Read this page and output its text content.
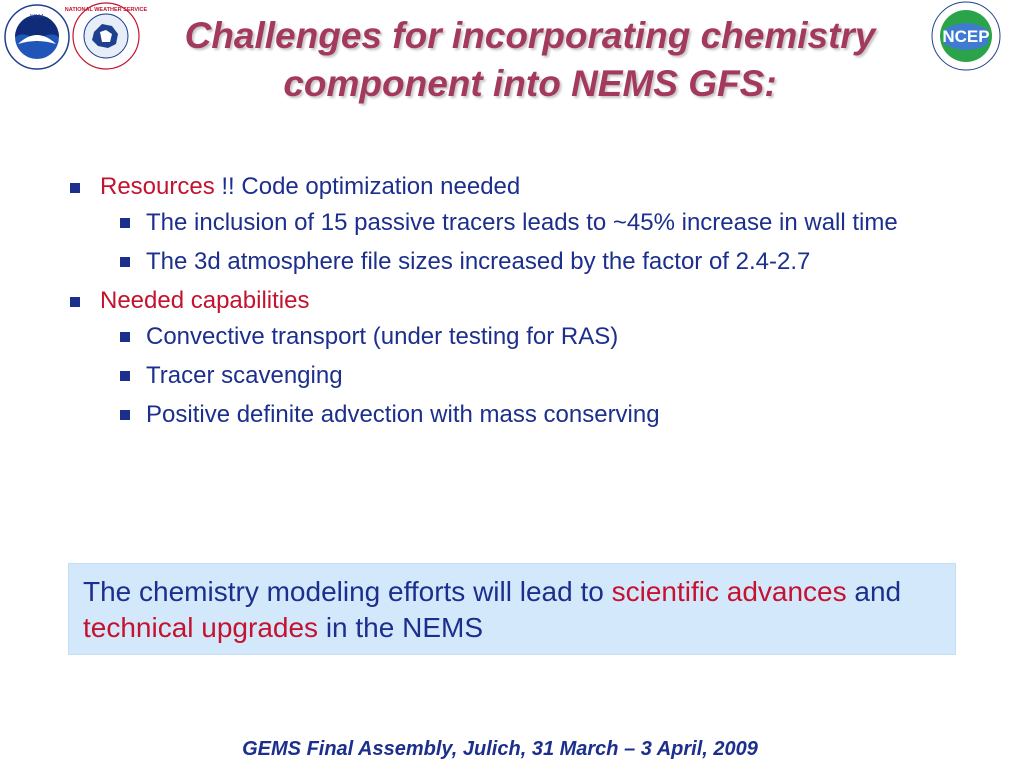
NOAA
NATIONAL WEATHER SERVICE
NCEP
Challenges for incorporating chemistry
component into NEMS GFS:
Resources !! Code optimization needed
The inclusion of 15 passive tracers leads to ~45% increase in wall time
The 3d atmosphere file sizes increased by the factor of 2.4-2.7
Needed capabilities
Convective transport (under testing for RAS)
Tracer scavenging
Positive definite advection with mass conserving
The chemistry modeling efforts will lead to scientific advances and technical upgrades in the NEMS
GEMS Final Assembly, Julich, 31 March – 3 April, 2009
